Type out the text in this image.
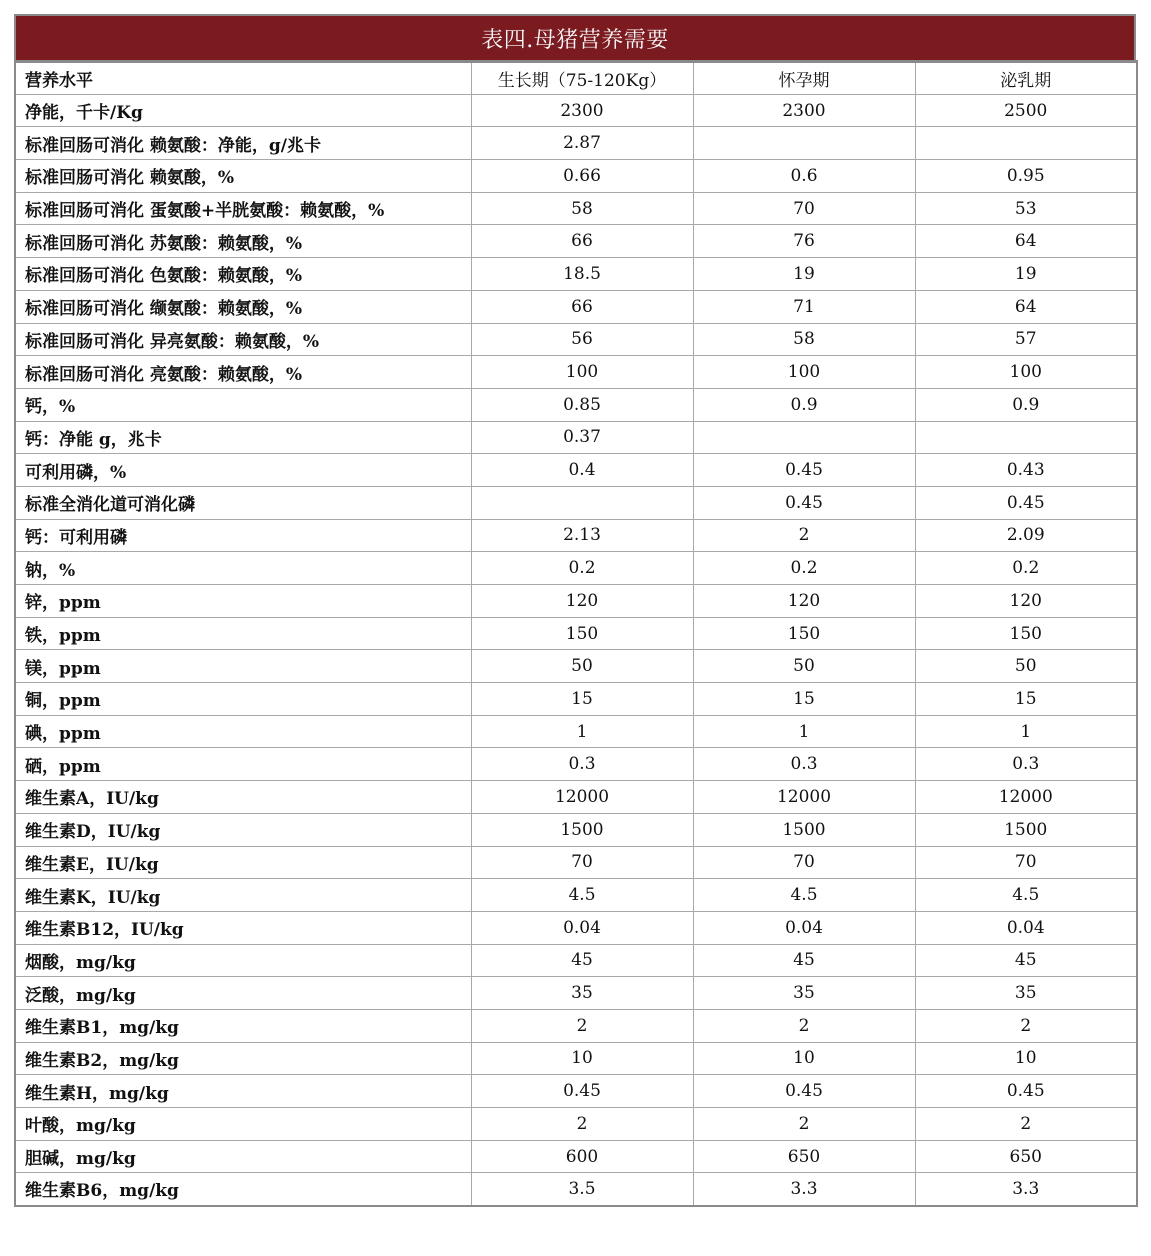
表四.母猪营养需要
营养水平	生长期（75-120Kg）	怀孕期	泌乳期
净能，千卡/Kg	2300	2300	2500
标准回肠可消化 赖氨酸：净能，g/兆卡	2.87		
标准回肠可消化 赖氨酸，%	0.66	0.6	0.95
标准回肠可消化 蛋氨酸+半胱氨酸：赖氨酸，%	58	70	53
标准回肠可消化 苏氨酸：赖氨酸，%	66	76	64
标准回肠可消化 色氨酸：赖氨酸，%	18.5	19	19
标准回肠可消化 缬氨酸：赖氨酸，%	66	71	64
标准回肠可消化 异亮氨酸：赖氨酸，%	56	58	57
标准回肠可消化 亮氨酸：赖氨酸，%	100	100	100
钙，%	0.85	0.9	0.9
钙：净能 g，兆卡	0.37		
可利用磷，%	0.4	0.45	0.43
标准全消化道可消化磷		0.45	0.45
钙：可利用磷	2.13	2	2.09
钠，%	0.2	0.2	0.2
锌，ppm	120	120	120
铁，ppm	150	150	150
镁，ppm	50	50	50
铜，ppm	15	15	15
碘，ppm	1	1	1
硒，ppm	0.3	0.3	0.3
维生素A，IU/kg	12000	12000	12000
维生素D，IU/kg	1500	1500	1500
维生素E，IU/kg	70	70	70
维生素K，IU/kg	4.5	4.5	4.5
维生素B12，IU/kg	0.04	0.04	0.04
烟酸，mg/kg	45	45	45
泛酸，mg/kg	35	35	35
维生素B1，mg/kg	2	2	2
维生素B2，mg/kg	10	10	10
维生素H，mg/kg	0.45	0.45	0.45
叶酸，mg/kg	2	2	2
胆碱，mg/kg	600	650	650
维生素B6，mg/kg	3.5	3.3	3.3
